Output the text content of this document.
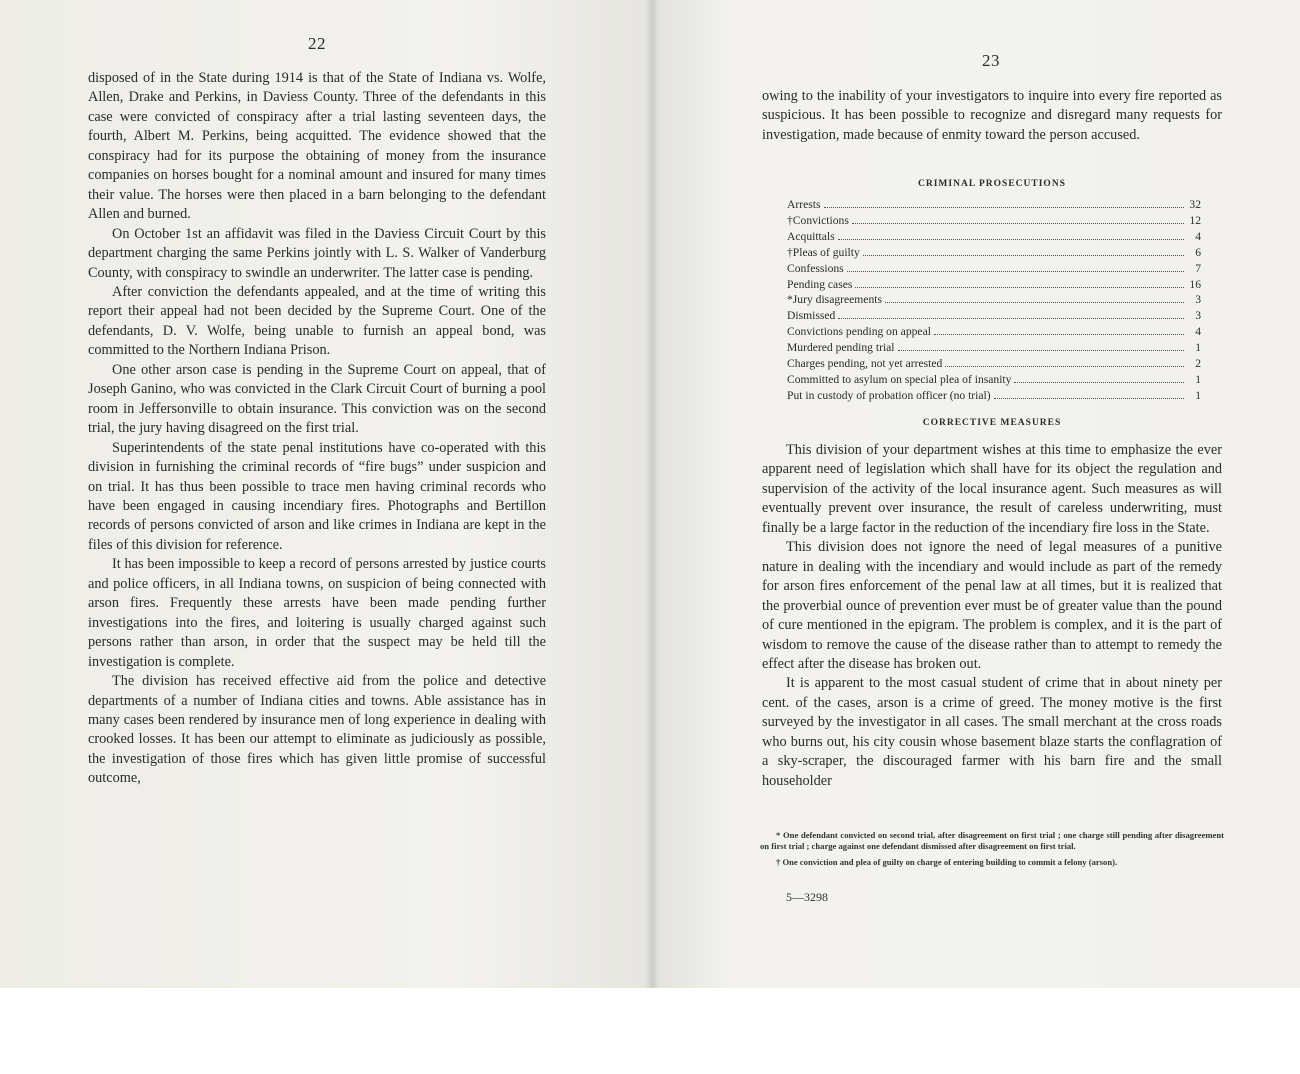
22

disposed of in the State during 1914 is that of the State of Indiana vs. Wolfe, Allen, Drake and Perkins, in Daviess County. Three of the defendants in this case were convicted of conspiracy after a trial lasting seventeen days, the fourth, Albert M. Perkins, being acquitted. The evidence showed that the conspiracy had for its purpose the obtaining of money from the insurance companies on horses bought for a nominal amount and insured for many times their value. The horses were then placed in a barn belonging to the defendant Allen and burned.

On October 1st an affidavit was filed in the Daviess Circuit Court by this department charging the same Perkins jointly with L. S. Walker of Vanderburg County, with conspiracy to swindle an underwriter. The latter case is pending.

After conviction the defendants appealed, and at the time of writing this report their appeal had not been decided by the Supreme Court. One of the defendants, D. V. Wolfe, being unable to furnish an appeal bond, was committed to the Northern Indiana Prison.

One other arson case is pending in the Supreme Court on appeal, that of Joseph Ganino, who was convicted in the Clark Circuit Court of burning a pool room in Jeffersonville to obtain insurance. This conviction was on the second trial, the jury having disagreed on the first trial.

Superintendents of the state penal institutions have co-operated with this division in furnishing the criminal records of “fire bugs” under suspicion and on trial. It has thus been possible to trace men having criminal records who have been engaged in causing incendiary fires. Photographs and Bertillon records of persons convicted of arson and like crimes in Indiana are kept in the files of this division for reference.

It has been impossible to keep a record of persons arrested by justice courts and police officers, in all Indiana towns, on suspicion of being connected with arson fires. Frequently these arrests have been made pending further investigations into the fires, and loitering is usually charged against such persons rather than arson, in order that the suspect may be held till the investigation is complete.

The division has received effective aid from the police and detective departments of a number of Indiana cities and towns. Able assistance has in many cases been rendered by insurance men of long experience in dealing with crooked losses. It has been our attempt to eliminate as judiciously as possible, the investigation of those fires which has given little promise of successful outcome,

23

owing to the inability of your investigators to inquire into every fire reported as suspicious. It has been possible to recognize and disregard many requests for investigation, made because of enmity toward the person accused.

CRIMINAL PROSECUTIONS
Arrests	32
†Convictions	12
Acquittals	4
†Pleas of guilty	6
Confessions	7
Pending cases	16
*Jury disagreements	3
Dismissed	3
Convictions pending on appeal	4
Murdered pending trial	1
Charges pending, not yet arrested	2
Committed to asylum on special plea of insanity	1
Put in custody of probation officer (no trial)	1
CORRECTIVE MEASURES

This division of your department wishes at this time to emphasize the ever apparent need of legislation which shall have for its object the regulation and supervision of the activity of the local insurance agent. Such measures as will eventually prevent over insurance, the result of careless underwriting, must finally be a large factor in the reduction of the incendiary fire loss in the State.

This division does not ignore the need of legal measures of a punitive nature in dealing with the incendiary and would include as part of the remedy for arson fires enforcement of the penal law at all times, but it is realized that the proverbial ounce of prevention ever must be of greater value than the pound of cure mentioned in the epigram. The problem is complex, and it is the part of wisdom to remove the cause of the disease rather than to attempt to remedy the effect after the disease has broken out.

It is apparent to the most casual student of crime that in about ninety per cent. of the cases, arson is a crime of greed. The money motive is the first surveyed by the investigator in all cases. The small merchant at the cross roads who burns out, his city cousin whose basement blaze starts the conflagration of a sky-scraper, the discouraged farmer with his barn fire and the small householder

* One defendant convicted on second trial, after disagreement on first trial ; one charge still pending after disagreement on first trial ; charge against one defendant dismissed after disagreement on first trial.

† One conviction and plea of guilty on charge of entering building to commit a felony (arson).

5—3298
